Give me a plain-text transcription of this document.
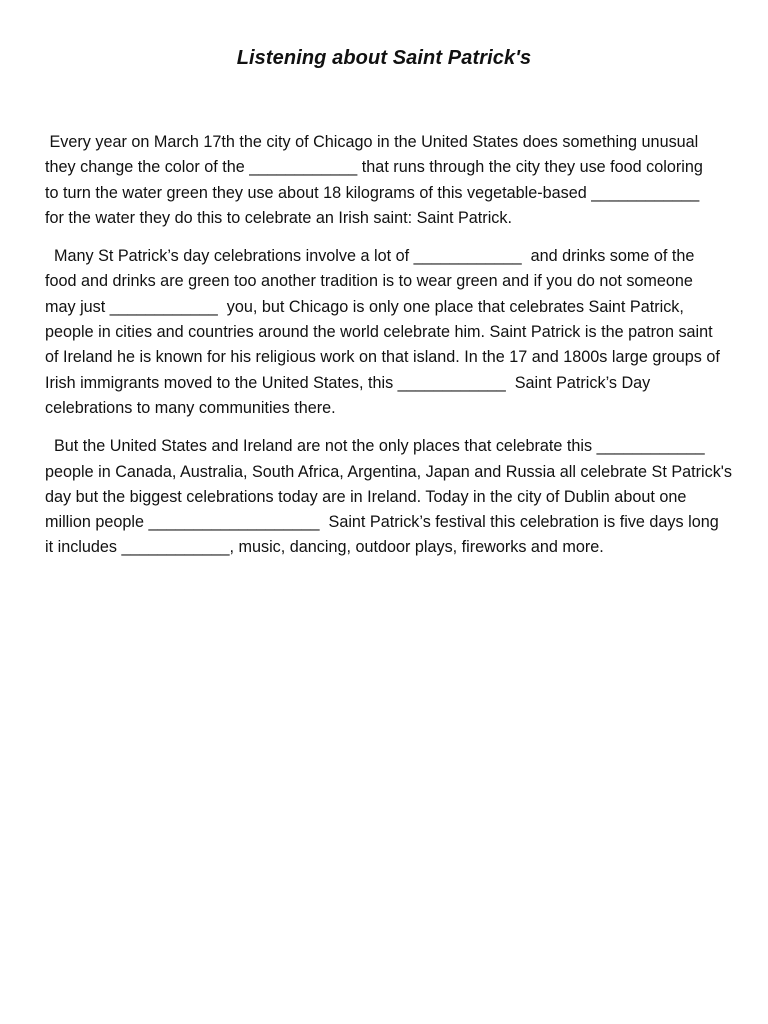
Listening about Saint Patrick's

Every year on March 17th the city of Chicago in the United States does something unusual
they change the color of the ____________ that runs through the city they use food coloring
to turn the water green they use about 18 kilograms of this vegetable-based ____________
for the water they do this to celebrate an Irish saint: Saint Patrick.

Many St Patrick’s day celebrations involve a lot of ____________  and drinks some of the
food and drinks are green too another tradition is to wear green and if you do not someone
may just ____________  you, but Chicago is only one place that celebrates Saint Patrick,
people in cities and countries around the world celebrate him. Saint Patrick is the patron saint
of Ireland he is known for his religious work on that island. In the 17 and 1800s large groups of
Irish immigrants moved to the United States, this ____________  Saint Patrick’s Day
celebrations to many communities there.

But the United States and Ireland are not the only places that celebrate this ____________
people in Canada, Australia, South Africa, Argentina, Japan and Russia all celebrate St Patrick's
day but the biggest celebrations today are in Ireland. Today in the city of Dublin about one
million people ___________________  Saint Patrick’s festival this celebration is five days long
it includes ____________, music, dancing, outdoor plays, fireworks and more.
